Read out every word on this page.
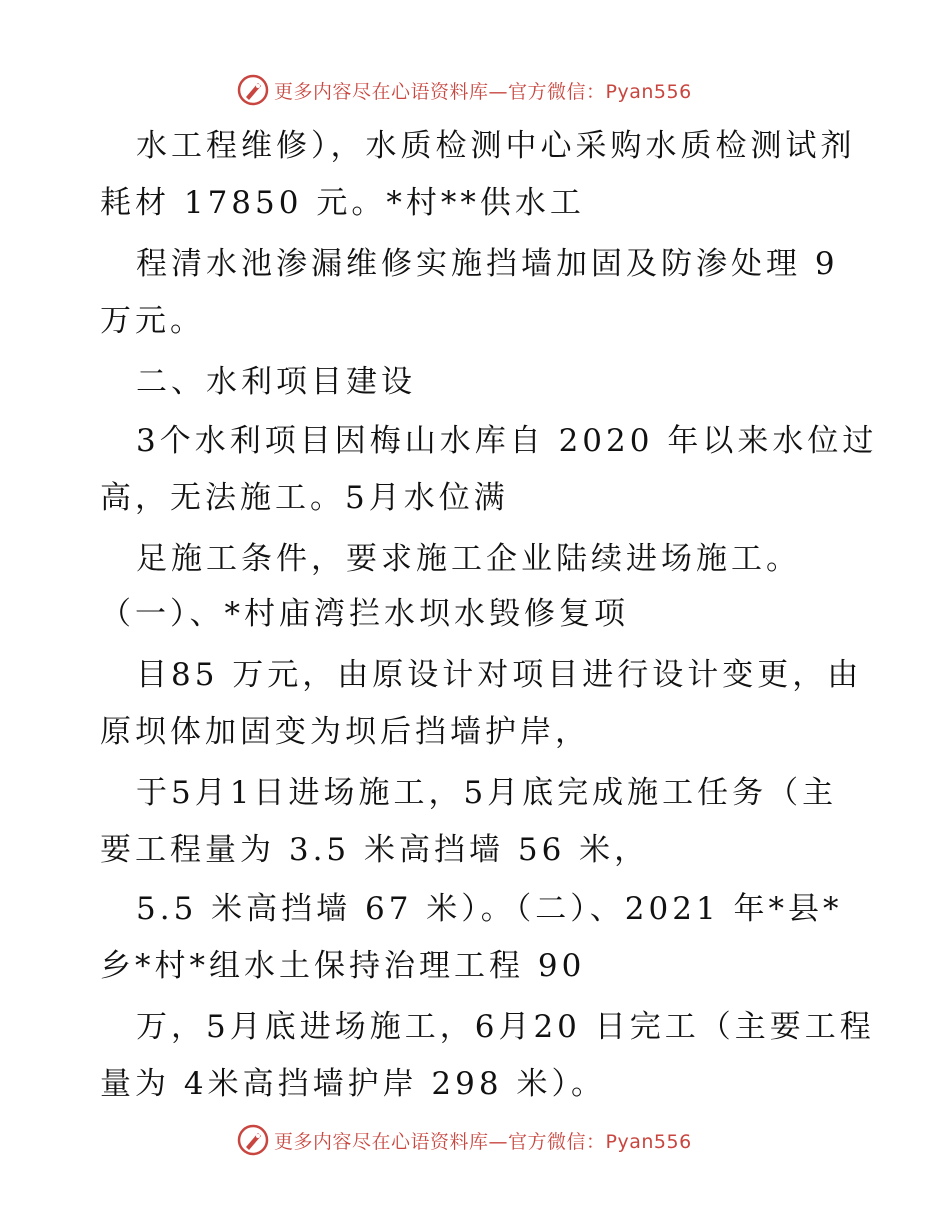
更多内容尽在心语资料库—官方微信：Pyan556
水工程维修），水质检测中心采购水质检测试剂
耗材 17850 元。*村**供水工
程清水池渗漏维修实施挡墙加固及防渗处理 9
万元。
二、水利项目建设
3个水利项目因梅山水库自 2020 年以来水位过
高，无法施工。5月水位满
足施工条件，要求施工企业陆续进场施工。
（一）、*村庙湾拦水坝水毁修复项
目85 万元，由原设计对项目进行设计变更，由
原坝体加固变为坝后挡墙护岸，
于5月1日进场施工，5月底完成施工任务（主
要工程量为 3.5 米高挡墙 56 米，
5.5 米高挡墙 67 米）。（二）、2021 年*县*
乡*村*组水土保持治理工程 90
万，5月底进场施工，6月20 日完工（主要工程
量为 4米高挡墙护岸 298 米）。
更多内容尽在心语资料库—官方微信：Pyan556
